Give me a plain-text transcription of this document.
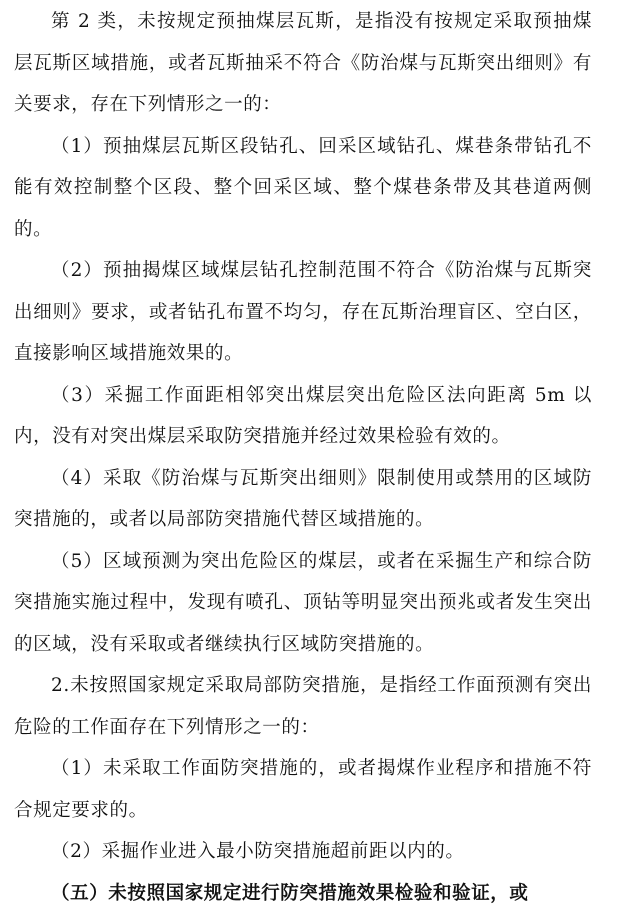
第 2 类，未按规定预抽煤层瓦斯，是指没有按规定采取预抽煤层瓦斯区域措施，或者瓦斯抽采不符合《防治煤与瓦斯突出细则》有关要求，存在下列情形之一的：

（1）预抽煤层瓦斯区段钻孔、回采区域钻孔、煤巷条带钻孔不能有效控制整个区段、整个回采区域、整个煤巷条带及其巷道两侧的。

（2）预抽揭煤区域煤层钻孔控制范围不符合《防治煤与瓦斯突出细则》要求，或者钻孔布置不均匀，存在瓦斯治理盲区、空白区，直接影响区域措施效果的。

（3）采掘工作面距相邻突出煤层突出危险区法向距离 5m 以内，没有对突出煤层采取防突措施并经过效果检验有效的。

（4）采取《防治煤与瓦斯突出细则》限制使用或禁用的区域防突措施的，或者以局部防突措施代替区域措施的。

（5）区域预测为突出危险区的煤层，或者在采掘生产和综合防突措施实施过程中，发现有喷孔、顶钻等明显突出预兆或者发生突出的区域，没有采取或者继续执行区域防突措施的。

2.未按照国家规定采取局部防突措施，是指经工作面预测有突出危险的工作面存在下列情形之一的：

（1）未采取工作面防突措施的，或者揭煤作业程序和措施不符合规定要求的。

（2）采掘作业进入最小防突措施超前距以内的。

（五）未按照国家规定进行防突措施效果检验和验证，或
